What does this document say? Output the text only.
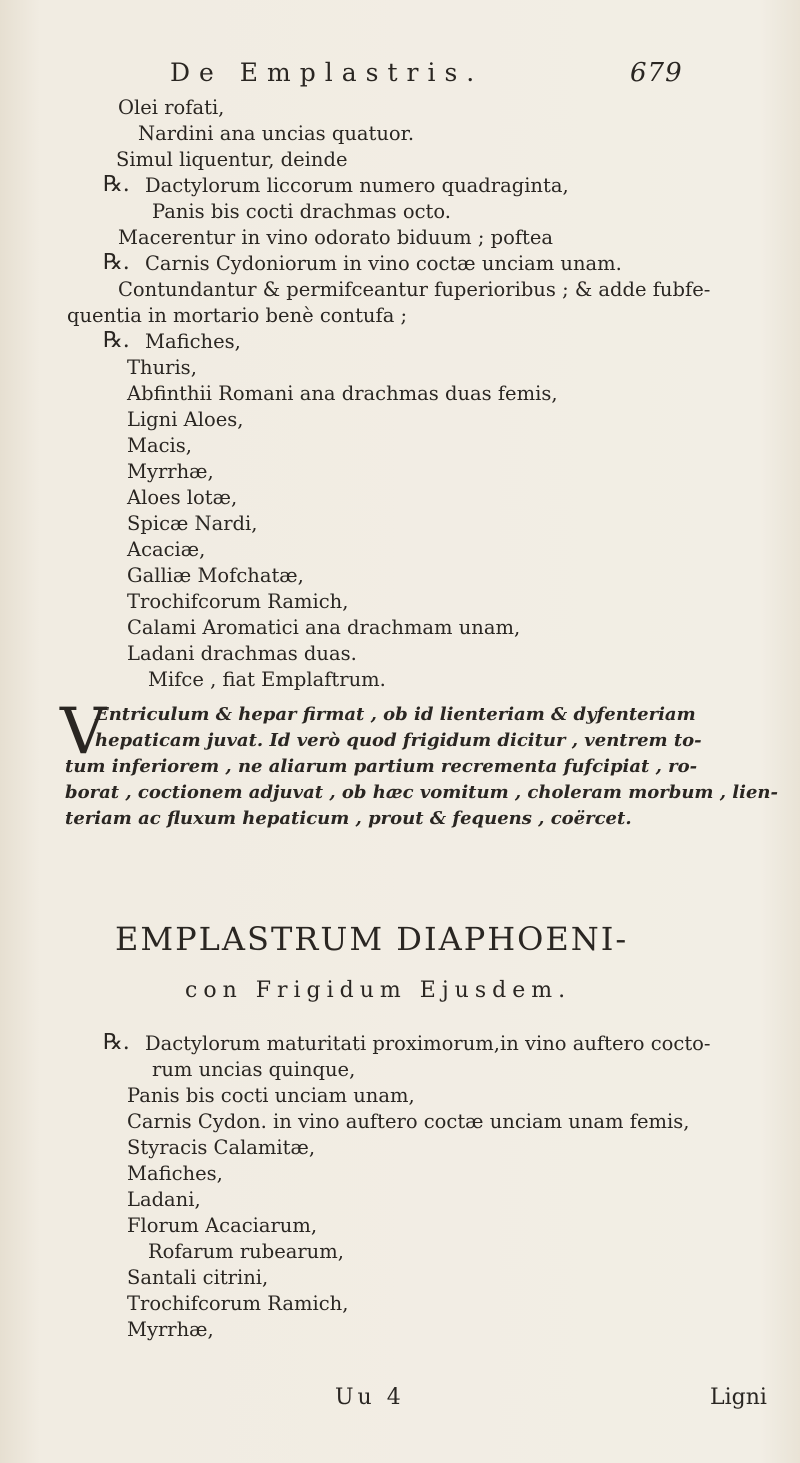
De Emplastris.	679
Olei rofati,
Nardini ana uncias quatuor.
Simul liquentur, deinde
℞. Dactylorum liccorum numero quadraginta,
Panis bis cocti drachmas octo.
Macerentur in vino odorato biduum ; poftea
℞. Carnis Cydoniorum in vino coctæ unciam unam.
Contundantur & permifceantur fuperioribus ; & adde fubfe-
quentia in mortario benè contufa ;
℞. Mafiches,
Thuris,
Abfinthii Romani ana drachmas duas femis,
Ligni Aloes,
Macis,
Myrrhæ,
Aloes lotæ,
Spicæ Nardi,
Acaciæ,
Galliæ Mofchatæ,
Trochifcorum Ramich,
Calami Aromatici ana drachmam unam,
Ladani drachmas duas.
Mifce , fiat Emplaftrum.
V
Entriculum & hepar firmat , ob id lienteriam & dyfenteriam
hepaticam juvat. Id verò quod frigidum dicitur , ventrem to-
tum inferiorem , ne aliarum partium recrementa fufcipiat , ro-
borat , coctionem adjuvat , ob hæc vomitum , choleram morbum , lien-
teriam ac fluxum hepaticum , prout & fequens , coërcet.
EMPLASTRUM DIAPHOENI-
con Frigidum Ejusdem.
℞. Dactylorum maturitati proximorum,in vino auftero cocto-
rum uncias quinque,
Panis bis cocti unciam unam,
Carnis Cydon. in vino auftero coctæ unciam unam femis,
Styracis Calamitæ,
Mafiches,
Ladani,
Florum Acaciarum,
Rofarum rubearum,
Santali citrini,
Trochifcorum Ramich,
Myrrhæ,
Uu 4	Ligni
